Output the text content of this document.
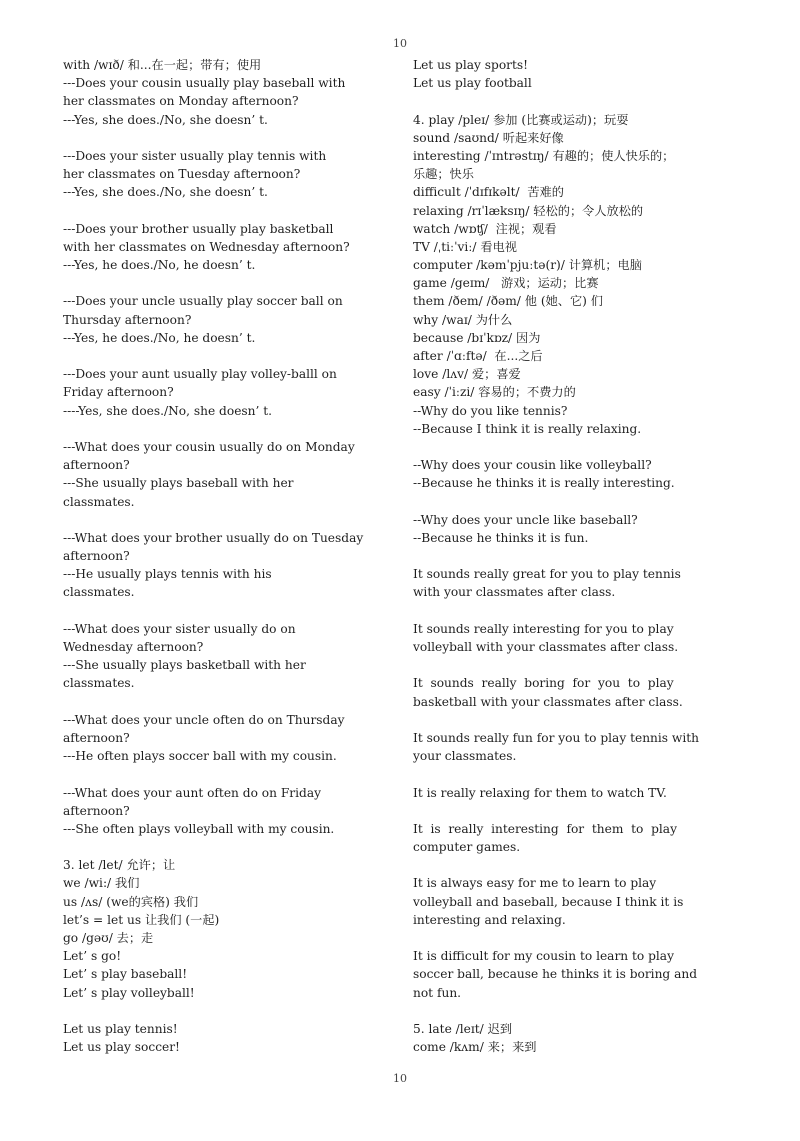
10
with /wɪð/ 和...在一起；带有；使用
---Does your cousin usually play baseball with
her classmates on Monday afternoon?
---Yes, she does./No, she doesn’ t.
---Does your sister usually play tennis with
her classmates on Tuesday afternoon?
---Yes, she does./No, she doesn’ t.
---Does your brother usually play basketball
with her classmates on Wednesday afternoon?
---Yes, he does./No, he doesn’ t.
---Does your uncle usually play soccer ball on
Thursday afternoon?
---Yes, he does./No, he doesn’ t.
---Does your aunt usually play volley-balll on
Friday afternoon?
----Yes, she does./No, she doesn’ t.
---What does your cousin usually do on Monday
afternoon?
---She usually plays baseball with her
classmates.
---What does your brother usually do on Tuesday
afternoon?
---He usually plays tennis with his
classmates.
---What does your sister usually do on
Wednesday afternoon?
---She usually plays basketball with her
classmates.
---What does your uncle often do on Thursday
afternoon?
---He often plays soccer ball with my cousin.
---What does your aunt often do on Friday
afternoon?
---She often plays volleyball with my cousin.
3. let /let/ 允许；让
we /wi:/ 我们
us /ʌs/ (we的宾格) 我们
let’s = let us 让我们 (一起)
go /gəʊ/ 去；走
Let’ s go!
Let’ s play baseball!
Let’ s play volleyball!
Let us play tennis!
Let us play soccer!
Let us play sports!
Let us play football
4. play /pleɪ/ 参加 (比赛或运动)；玩耍
sound /saʊnd/ 听起来好像
interesting /ˈɪntrəstɪŋ/ 有趣的；使人快乐的；
乐趣；快乐
difficult /ˈdɪfɪkəlt/  苦难的
relaxing /rɪˈlæksɪŋ/ 轻松的；令人放松的
watch /wɒʧ/  注视；观看
TV /ˌtiːˈviː/ 看电视
computer /kəmˈpjuːtə(r)/ 计算机；电脑
game /geɪm/   游戏；运动；比赛
them /ðem/ /ðəm/ 他 (她、它) 们
why /waɪ/ 为什么
because /bɪˈkɒz/ 因为
after /ˈɑːftə/  在...之后
love /lʌv/ 爱；喜爱
easy /ˈiːzi/ 容易的；不费力的
--Why do you like tennis?
--Because I think it is really relaxing.
--Why does your cousin like volleyball?
--Because he thinks it is really interesting.
--Why does your uncle like baseball?
--Because he thinks it is fun.
It sounds really great for you to play tennis
with your classmates after class.
It sounds really interesting for you to play
volleyball with your classmates after class.
It  sounds  really  boring  for  you  to  play
basketball with your classmates after class.
It sounds really fun for you to play tennis with
your classmates.
It is really relaxing for them to watch TV.
It  is  really  interesting  for  them  to  play
computer games.
It is always easy for me to learn to play
volleyball and baseball, because I think it is
interesting and relaxing.
It is difficult for my cousin to learn to play
soccer ball, because he thinks it is boring and
not fun.
5. late /leɪt/ 迟到
come /kʌm/ 来；来到
10
